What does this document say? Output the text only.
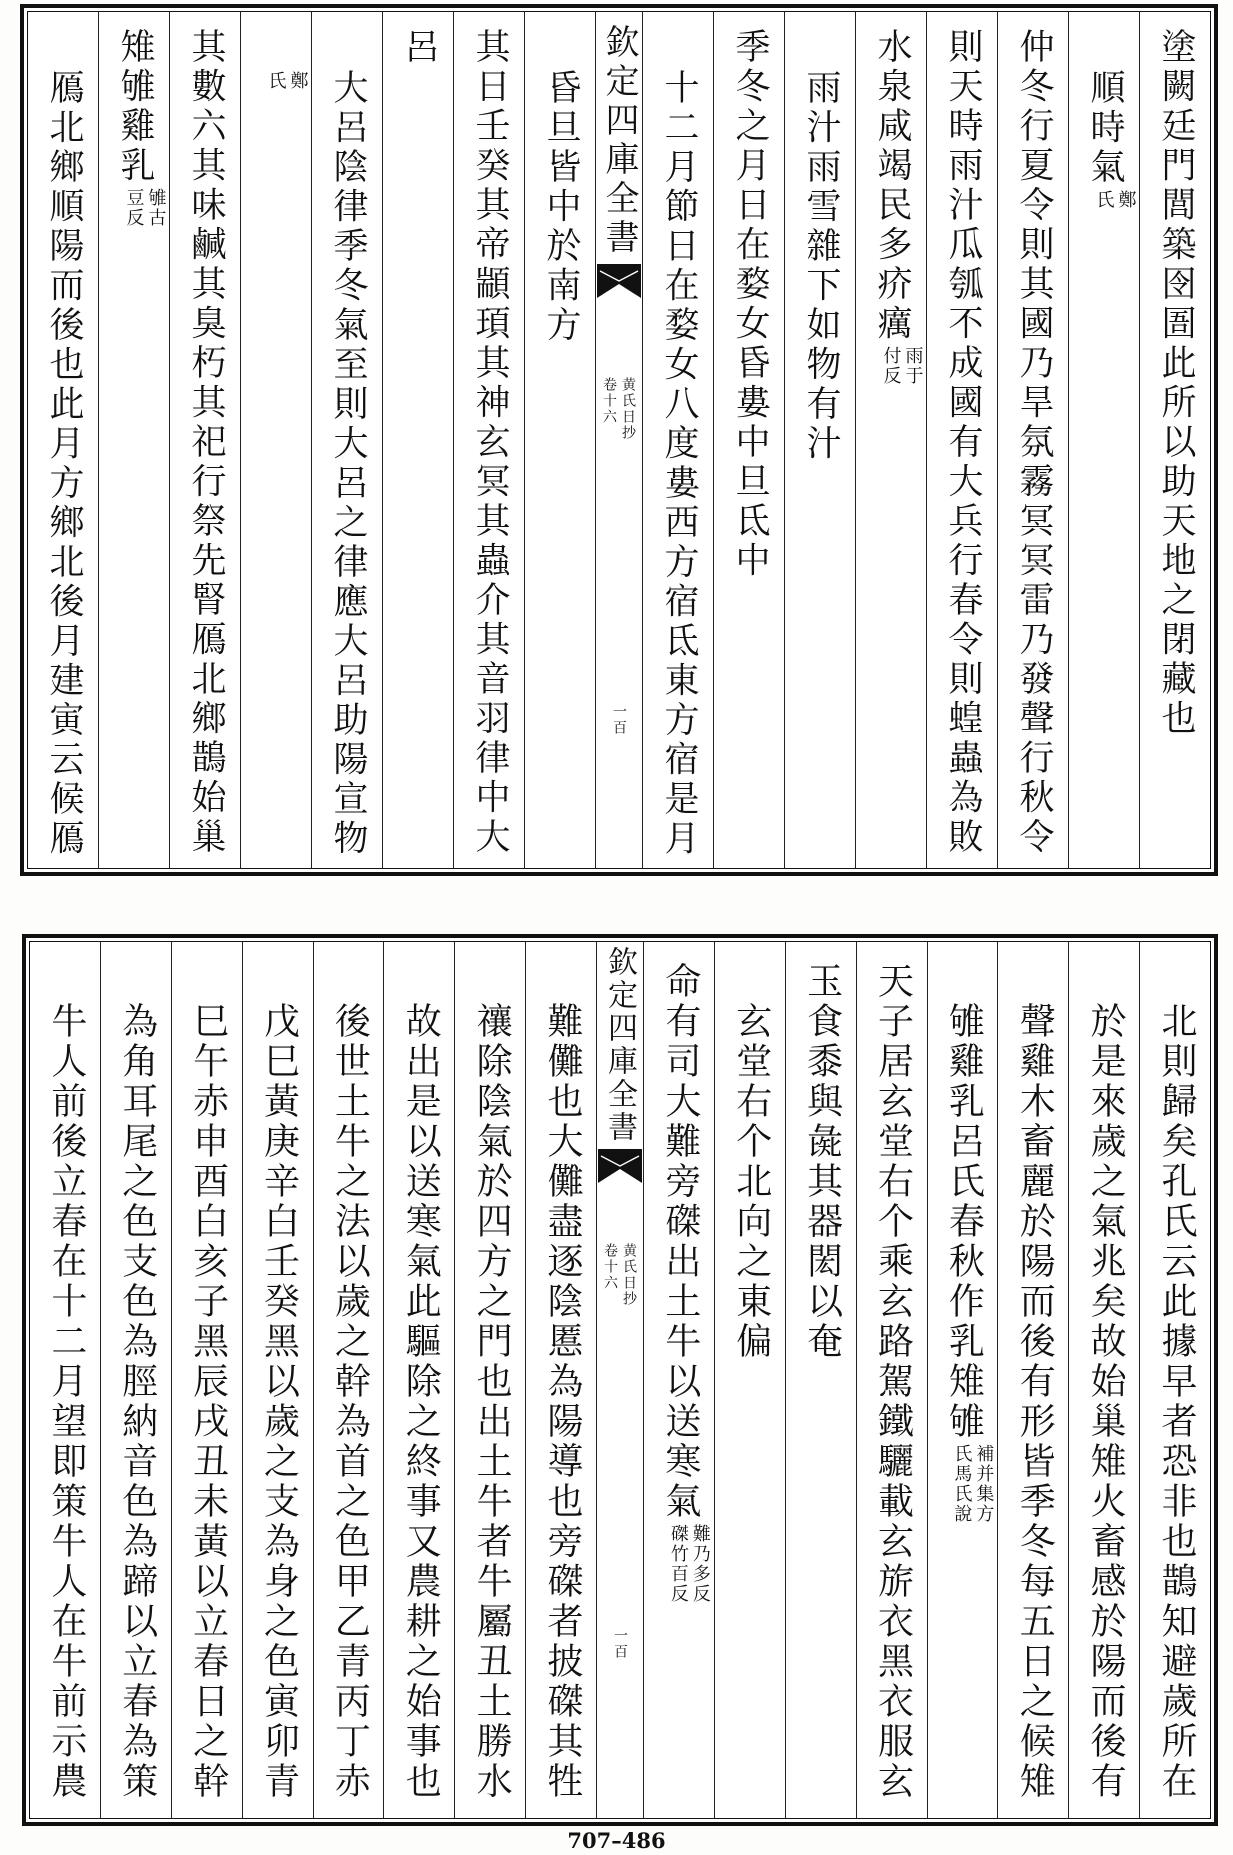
塗闕廷門閭築囹圄此所以助天地之閉藏也
順時氣鄭氏
仲冬行夏令則其國乃旱氛霧冥冥雷乃發聲行秋令
則天時雨汁瓜瓠不成國有大兵行春令則蝗蟲為敗
水泉咸竭民多疥癘雨于付反
雨汁雨雪雜下如物有汁
季冬之月日在婺女昏婁中旦氐中
十二月節日在婺女八度婁西方宿氐東方宿是月
欽定四庫全書
黄氏日抄
卷十六
一百
昏旦皆中於南方
其日壬癸其帝顓頊其神玄冥其蟲介其音羽律中大
呂
大呂陰律季冬氣至則大呂之律應大呂助陽宣物
鄭氏
其數六其味鹹其臭朽其祀行祭先腎鴈北鄉鵲始巢
雉雊雞乳雊古豆反
鴈北鄉順陽而後也此月方鄉北後月建寅云候鴈
北則歸矣孔氏云此據早者恐非也鵲知避歲所在
於是來歲之氣兆矣故始巢雉火畜感於陽而後有
聲雞木畜麗於陽而後有形皆季冬每五日之候雉
雊雞乳呂氏春秋作乳雉雊補并集方氏馬氏說
天子居玄堂右个乘玄路駕鐵驪載玄旂衣黑衣服玄
玉食黍與彘其器閎以奄
玄堂右个北向之東偏
命有司大難旁磔出土牛以送寒氣難乃多反磔竹百反
欽定四庫全書
黄氏日抄
卷十六
一百
難儺也大儺盡逐陰慝為陽導也旁磔者披磔其牲
禳除陰氣於四方之門也出土牛者牛屬丑土勝水
故出是以送寒氣此驅除之終事又農耕之始事也
後世土牛之法以歲之幹為首之色甲乙青丙丁赤
戊巳黃庚辛白壬癸黑以歲之支為身之色寅卯青
巳午赤申酉白亥子黑辰戌丑未黃以立春日之幹
為角耳尾之色支色為脛納音色為蹄以立春為策
牛人前後立春在十二月望即策牛人在牛前示農
707–486
